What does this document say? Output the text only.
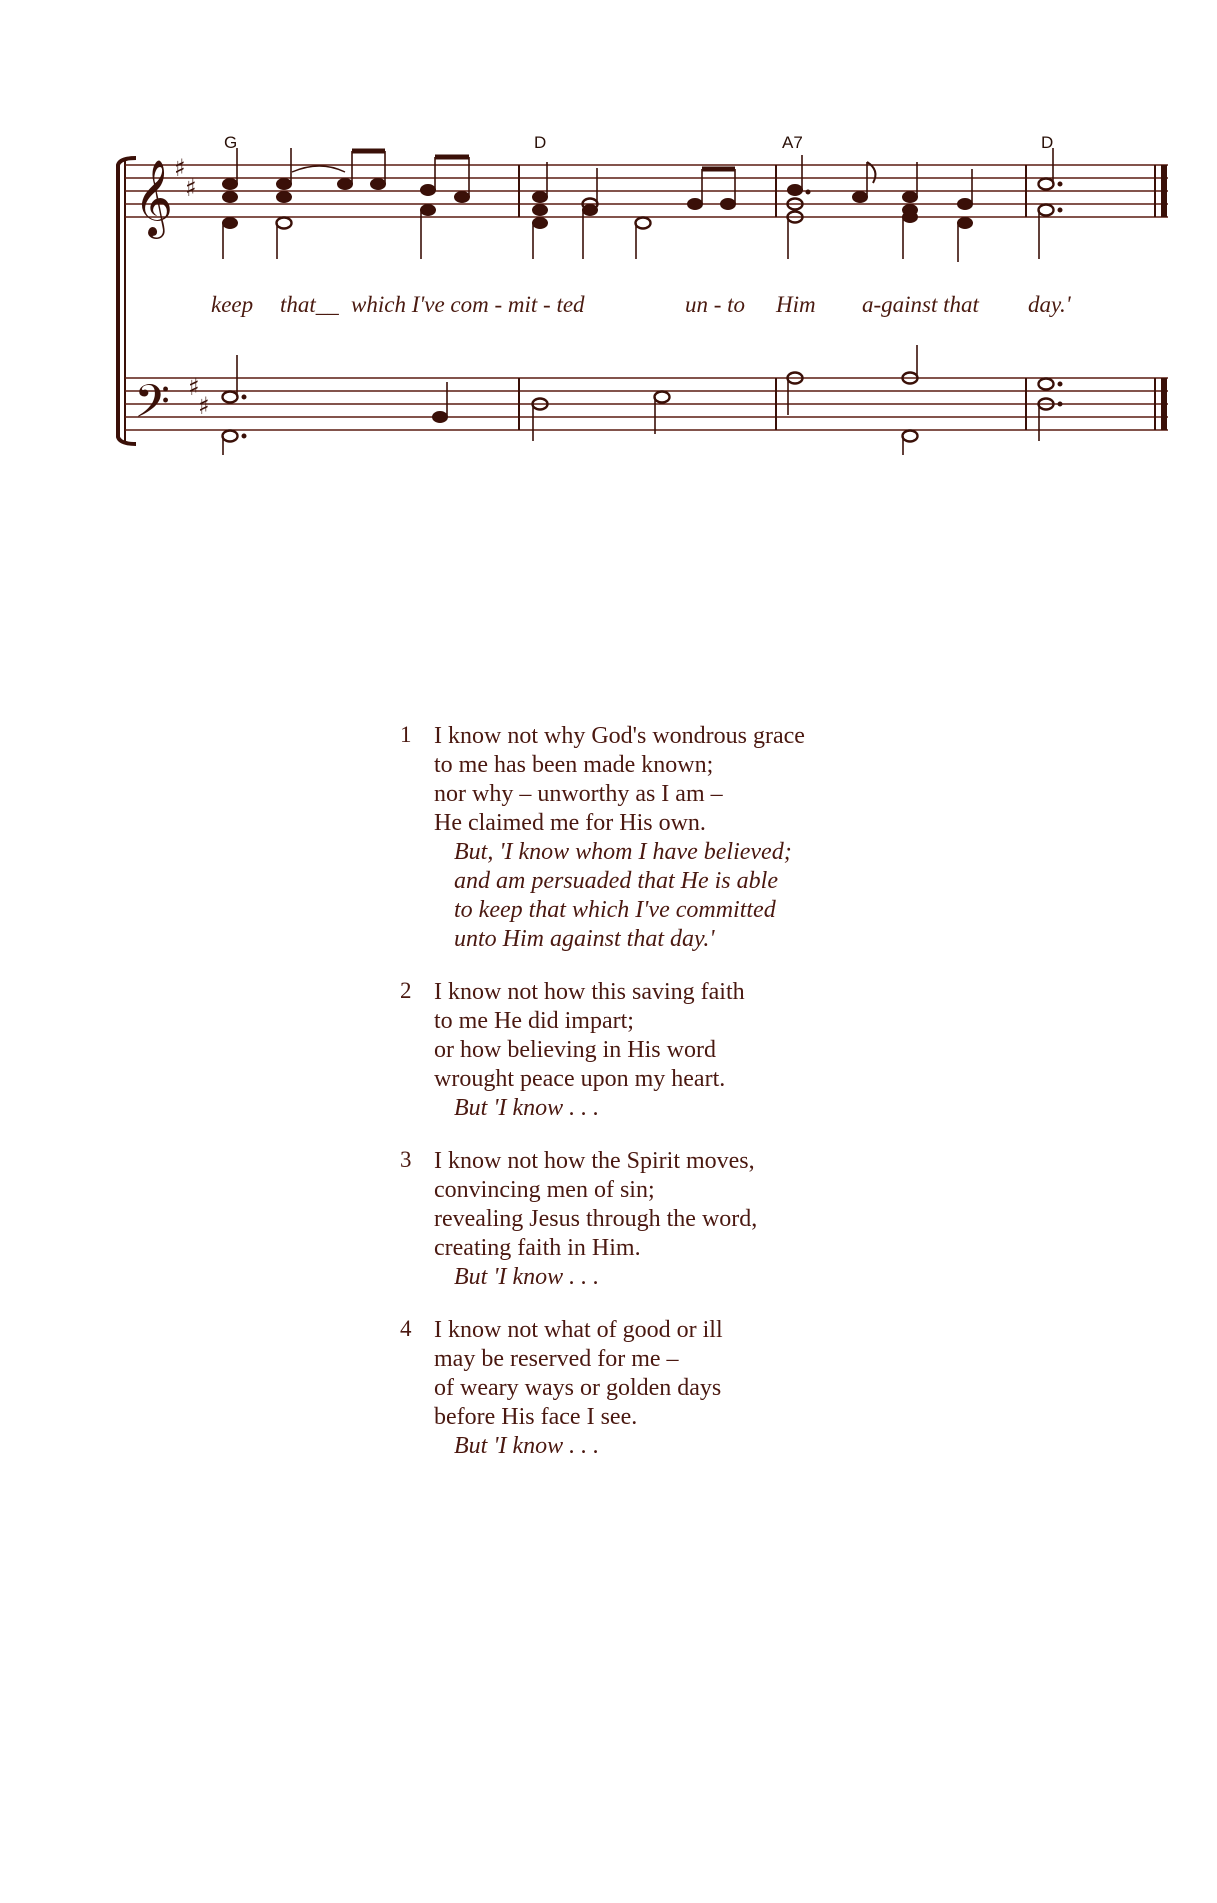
𝄞
𝄢
♯
♯
♯
♯
G	D	A7	D
keep that__ which I've com - mit - ted	un - to Him a-gainst that day.'
1 I know not why God's wondrous grace
to me has been made known;
nor why – unworthy as I am –
He claimed me for His own.
But, 'I know whom I have believed;
and am persuaded that He is able
to keep that which I've committed
unto Him against that day.'
2 I know not how this saving faith
to me He did impart;
or how believing in His word
wrought peace upon my heart.
But 'I know . . .
3 I know not how the Spirit moves,
convincing men of sin;
revealing Jesus through the word,
creating faith in Him.
But 'I know . . .
4 I know not what of good or ill
may be reserved for me –
of weary ways or golden days
before His face I see.
But 'I know . . .
